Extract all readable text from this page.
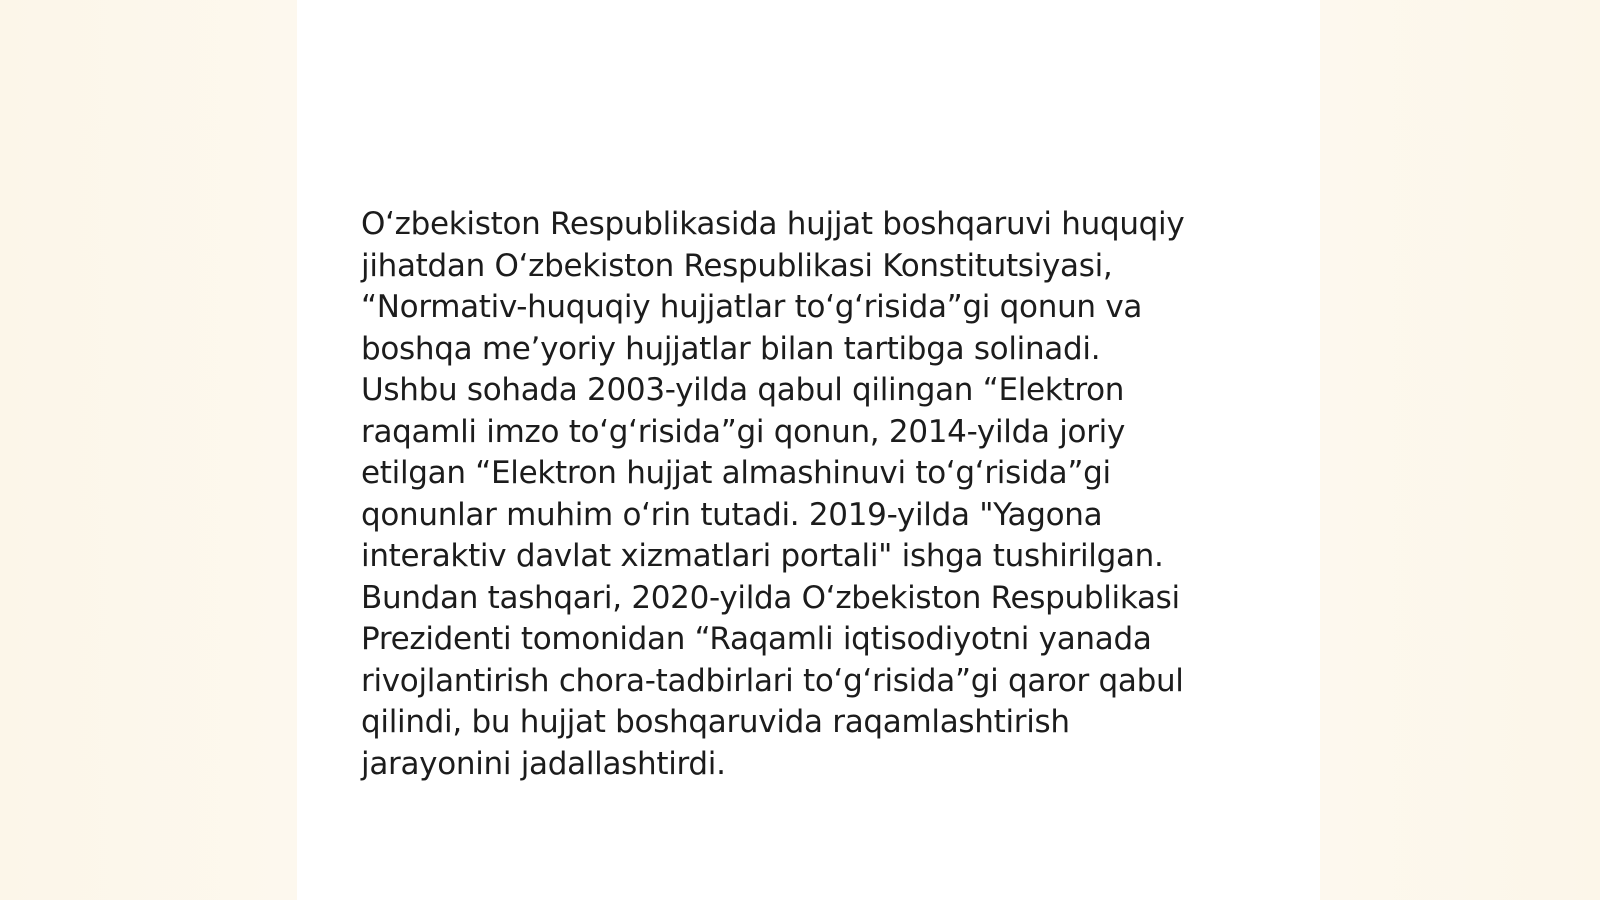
O‘zbekiston Respublikasida hujjat boshqaruvi huquqiy
jihatdan O‘zbekiston Respublikasi Konstitutsiyasi,
“Normativ-huquqiy hujjatlar to‘g‘risida”gi qonun va
boshqa me’yoriy hujjatlar bilan tartibga solinadi.
Ushbu sohada 2003-yilda qabul qilingan “Elektron
raqamli imzo to‘g‘risida”gi qonun, 2014-yilda joriy
etilgan “Elektron hujjat almashinuvi to‘g‘risida”gi
qonunlar muhim o‘rin tutadi. 2019-yilda "Yagona
interaktiv davlat xizmatlari portali" ishga tushirilgan.
Bundan tashqari, 2020-yilda O‘zbekiston Respublikasi
Prezidenti tomonidan “Raqamli iqtisodiyotni yanada
rivojlantirish chora-tadbirlari to‘g‘risida”gi qaror qabul
qilindi, bu hujjat boshqaruvida raqamlashtirish
jarayonini jadallashtirdi.
